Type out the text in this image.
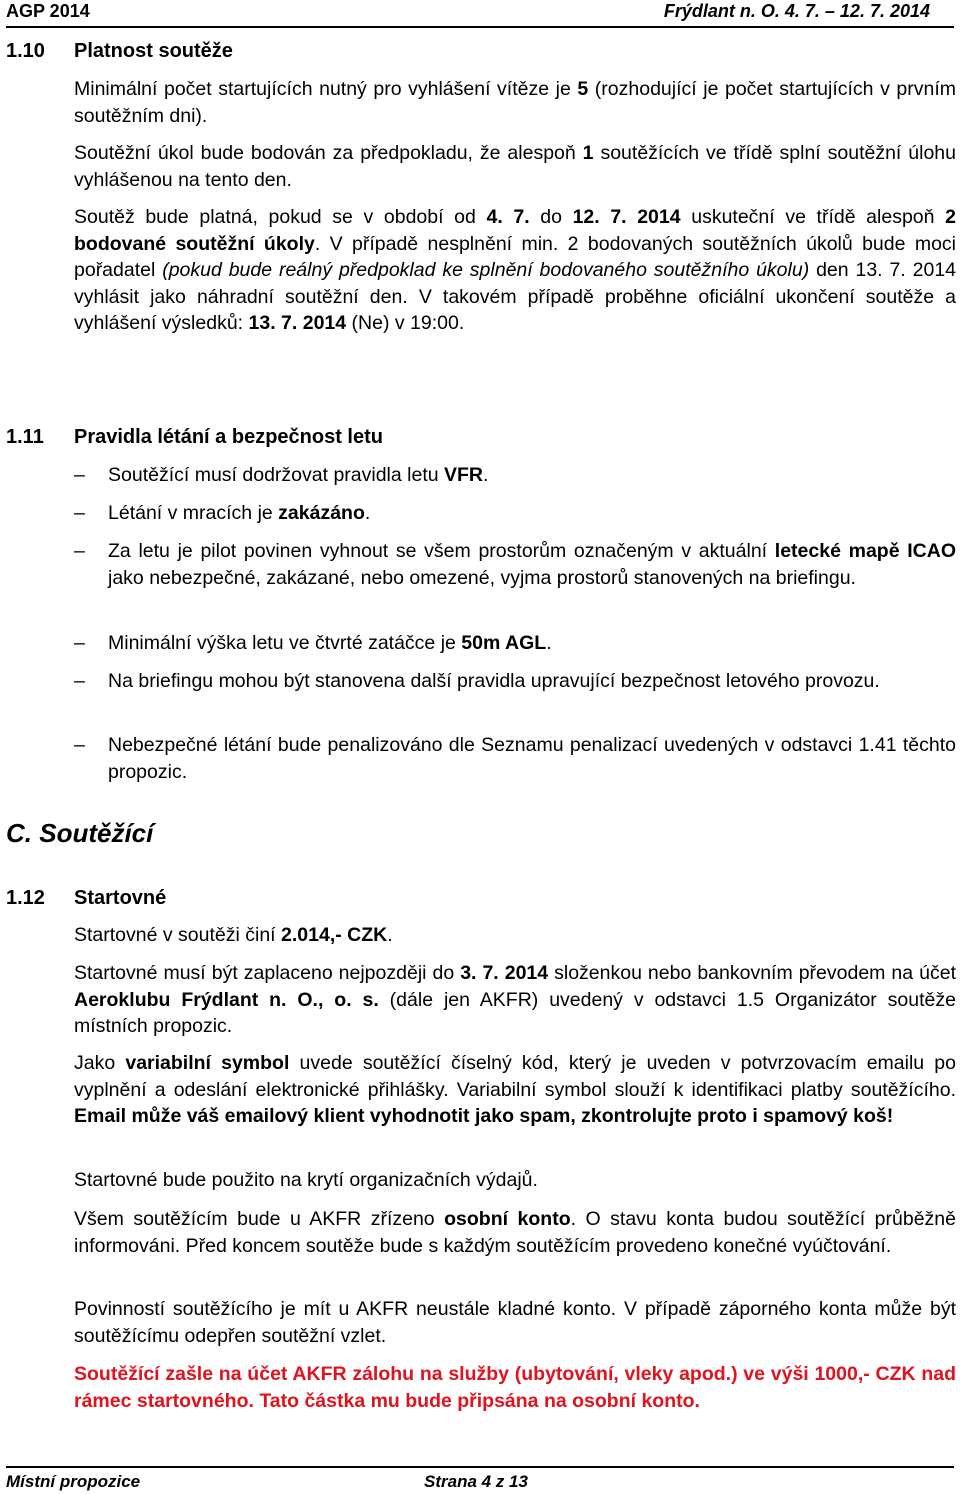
AGP 2014	Frýdlant n. O. 4. 7. – 12. 7. 2014
1.10 Platnost soutěže
Minimální počet startujících nutný pro vyhlášení vítěze je 5 (rozhodující je počet startujících v prvním soutěžním dni).
Soutěžní úkol bude bodován za předpokladu, že alespoň 1 soutěžících ve třídě splní soutěžní úlohu vyhlášenou na tento den.
Soutěž bude platná, pokud se v období od 4. 7. do 12. 7. 2014 uskuteční ve třídě alespoň 2 bodované soutěžní úkoly. V případě nesplnění min. 2 bodovaných soutěžních úkolů bude moci pořadatel (pokud bude reálný předpoklad ke splnění bodovaného soutěžního úkolu) den 13. 7. 2014 vyhlásit jako náhradní soutěžní den. V takovém případě proběhne oficiální ukončení soutěže a vyhlášení výsledků: 13. 7. 2014 (Ne) v 19:00.
1.11 Pravidla létání a bezpečnost letu
–	Soutěžící musí dodržovat pravidla letu VFR.
–	Létání v mracích je zakázáno.
–	Za letu je pilot povinen vyhnout se všem prostorům označeným v aktuální letecké mapě ICAO jako nebezpečné, zakázané, nebo omezené, vyjma prostorů stanovených na briefingu.
–	Minimální výška letu ve čtvrté zatáčce je 50m AGL.
–	Na briefingu mohou být stanovena další pravidla upravující bezpečnost letového provozu.
–	Nebezpečné létání bude penalizováno dle Seznamu penalizací uvedených v odstavci 1.41 těchto propozic.
C. Soutěžící
1.12 Startovné
Startovné v soutěži činí 2.014,- CZK.
Startovné musí být zaplaceno nejpozději do 3. 7. 2014 složenkou nebo bankovním převodem na účet Aeroklubu Frýdlant n. O., o. s. (dále jen AKFR) uvedený v odstavci 1.5 Organizátor soutěže místních propozic.
Jako variabilní symbol uvede soutěžící číselný kód, který je uveden v potvrzovacím emailu po vyplnění a odeslání elektronické přihlášky. Variabilní symbol slouží k identifikaci platby soutěžícího. Email může váš emailový klient vyhodnotit jako spam, zkontrolujte proto i spamový koš!
Startovné bude použito na krytí organizačních výdajů.
Všem soutěžícím bude u AKFR zřízeno osobní konto. O stavu konta budou soutěžící průběžně informováni. Před koncem soutěže bude s každým soutěžícím provedeno konečné vyúčtování.
Povinností soutěžícího je mít u AKFR neustále kladné konto. V případě záporného konta může být soutěžícímu odepřen soutěžní vzlet.
Soutěžící zašle na účet AKFR zálohu na služby (ubytování, vleky apod.) ve výši 1000,- CZK nad rámec startovného. Tato částka mu bude připsána na osobní konto.
Místní propozice	Strana 4 z 13
